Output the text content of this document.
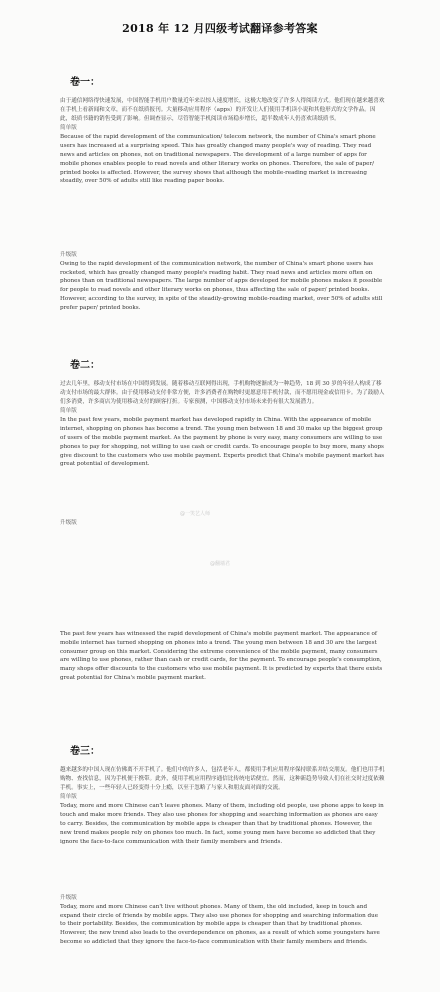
2018 年 12 月四级考试翻译参考答案
卷一：
由于通信网络得快速发展，中国智能手机用户数量近年来以惊人速度增长，这极大地改变了许多人得阅读方式。他们现在越来越喜欢在手机上看新闻和文章，而不在纸质报刊。大量移动应用程序（apps）的开发让人们使用手机读小说和其他形式的文学作品。因此，纸质书籍的销售受到了影响。但调查显示，尽管智能手机阅读市场稳步增长，超半数成年人仍喜欢读纸质书。
简单版
Because of the rapid development of the communication/ telecom network, the number of China's smart phone users has increased at a surprising speed. This has greatly changed many people's way of reading. They read news and articles on phones, not on traditional newspapers. The development of a large number of apps for mobile phones enables people to read novels and other literary works on phones. Therefore, the sale of paper/ printed books is affected. However, the survey shows that although the mobile-reading market is increasing steadily, over 50% of adults still like reading paper books.
升级版
Owing to the rapid development of the communication network, the number of China's smart phone users has rocketed, which has greatly changed many people's reading habit. They read news and articles more often on phones than on traditional newspapers. The large number of apps developed for mobile phones makes it possible for people to read novels and other literary works on phones, thus affecting the sale of paper/ printed books. However, according to the survey, in spite of the steadily-growing mobile-reading market, over 50% of adults still prefer paper/ printed books.
卷二：
过去几年里，移动支付市场在中国得到发展。随着移动互联网得出现，手机购物逐渐成为一种趋势，18 到 30 岁的年轻人构成了移动支付市场的最大群体。由于使用移动支付非常方便，许多消费者在购物时更愿意用手机付款，而不愿用现金或信用卡。为了鼓励人们多消费，许多商店为使用移动支付的顾客打折。专家预测，中国移动支付市场未来仍有很大发展潜力。
简单版
In the past few years, mobile payment market has developed rapidly in China. With the appearance of mobile internet, shopping on phones has become a trend. The young men between 18 and 30 make up the biggest group of users of the mobile payment market. As the payment by phone is very easy, many consumers are willing to use phones to pay for shopping, not willing to use cash or credit cards. To encourage people to buy more, many shops give discount to the customers who use mobile payment. Experts predict that China's mobile payment market has great potential of development.
升级版
@一笑艺人师
@翻墙君
The past few years has witnessed the rapid development of China's mobile payment market. The appearance of mobile internet has turned shopping on phones into a trend. The young men between 18 and 30 are the largest consumer group on this market. Considering the extreme convenience of the mobile payment, many consumers are willing to use phones, rather than cash or credit cards, for the payment. To encourage people's consumption, many shops offer discounts to the customers who use mobile payment. It is predicted by experts that there exists great potential for China's mobile payment market.
卷三：
越来越多的中国人现在仿佛离不开手机了。他们中的许多人，包括老年人，都使用手机应用程序保持联系并结交朋友。他们也用手机购物、查找信息，因为手机便于携带。此外，使用手机应用程序通信比传统电话便宜。然而，这种新趋势导致人们在社交时过度依赖手机。事实上，一些年轻人已经变得十分上瘾，以至于忽略了与家人和朋友面对面的交流。
简单版
Today, more and more Chinese can't leave phones. Many of them, including old people, use phone apps to keep in touch and make more friends. They also use phones for shopping and searching information as phones are easy to carry. Besides, the communication by mobile apps is cheaper than that by traditional phones. However, the new trend makes people rely on phones too much. In fact, some young men have become so addicted that they ignore the face-to-face communication with their family members and friends.
升级版
Today, more and more Chinese can't live without phones. Many of them, the old included, keep in touch and expand their circle of friends by mobile apps. They also use phones for shopping and searching information due to their portability. Besides, the communication by mobile apps is cheaper than that by traditional phones. However, the new trend also leads to the overdependence on phones, as a result of which some youngsters have become so addicted that they ignore the face-to-face communication with their family members and friends.
